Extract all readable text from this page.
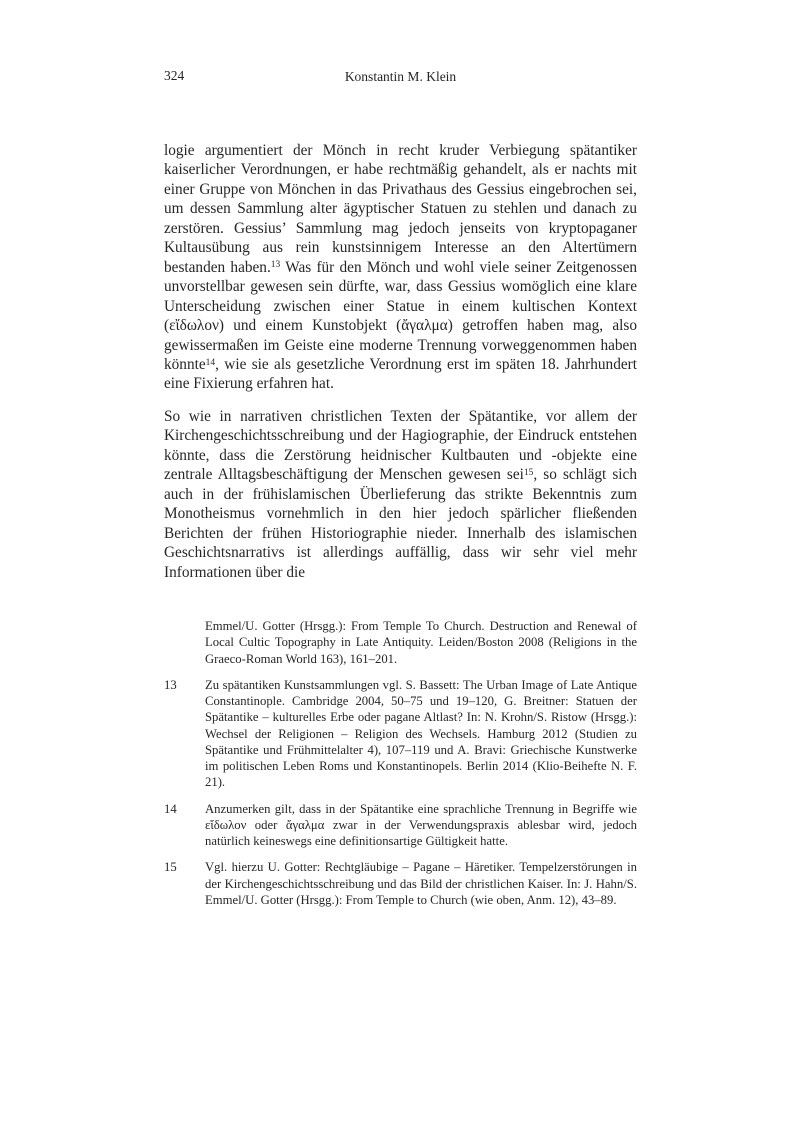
324	Konstantin M. Klein

logie argumentiert der Mönch in recht kruder Verbiegung spätantiker kaiserlicher Verordnungen, er habe rechtmäßig gehandelt, als er nachts mit einer Gruppe von Mönchen in das Privathaus des Gessius eingebrochen sei, um dessen Sammlung alter ägyptischer Statuen zu stehlen und danach zu zerstören. Gessius’ Sammlung mag jedoch jenseits von kryptopaganer Kultausübung aus rein kunstsinnigem Interesse an den Altertümern bestanden haben.$^{13}$ Was für den Mönch und wohl viele seiner Zeitgenossen unvorstellbar gewesen sein dürfte, war, dass Gessius womöglich eine klare Unterscheidung zwischen einer Statue in einem kultischen Kontext (εἴδωλον) und einem Kunstobjekt (ἄγαλμα) getroffen haben mag, also gewissermaßen im Geiste eine moderne Trennung vorweggenommen haben könnte$^{14}$, wie sie als gesetzliche Verordnung erst im späten 18. Jahrhundert eine Fixierung erfahren hat.

So wie in narrativen christlichen Texten der Spätantike, vor allem der Kirchengeschichtsschreibung und der Hagiographie, der Eindruck entstehen könnte, dass die Zerstörung heidnischer Kultbauten und -objekte eine zentrale Alltagsbeschäftigung der Menschen gewesen sei$^{15}$, so schlägt sich auch in der frühislamischen Überlieferung das strikte Bekenntnis zum Monotheismus vornehmlich in den hier jedoch spärlicher fließenden Berichten der frühen Historiographie nieder. Innerhalb des islamischen Geschichtsnarrativs ist allerdings auffällig, dass wir sehr viel mehr Informationen über die

Emmel/U. Gotter (Hrsgg.): From Temple To Church. Destruction and Renewal of Local Cultic Topography in Late Antiquity. Leiden/Boston 2008 (Religions in the Graeco-Roman World 163), 161–201.
13	Zu spätantiken Kunstsammlungen vgl. S. Bassett: The Urban Image of Late Antique Constantinople. Cambridge 2004, 50–75 und 19–120, G. Breitner: Statuen der Spätantike – kulturelles Erbe oder pagane Altlast? In: N. Krohn/S. Ristow (Hrsgg.): Wechsel der Religionen – Religion des Wechsels. Hamburg 2012 (Studien zu Spätantike und Frühmittelalter 4), 107–119 und A. Bravi: Griechische Kunstwerke im politischen Leben Roms und Konstantinopels. Berlin 2014 (Klio-Beihefte N. F. 21).
14	Anzumerken gilt, dass in der Spätantike eine sprachliche Trennung in Begriffe wie εἴδωλον oder ἄγαλμα zwar in der Verwendungspraxis ablesbar wird, jedoch natürlich keineswegs eine definitionsartige Gültigkeit hatte.
15	Vgl. hierzu U. Gotter: Rechtgläubige – Pagane – Häretiker. Tempelzerstörungen in der Kirchengeschichtsschreibung und das Bild der christlichen Kaiser. In: J. Hahn/S. Emmel/U. Gotter (Hrsgg.): From Temple to Church (wie oben, Anm. 12), 43–89.
